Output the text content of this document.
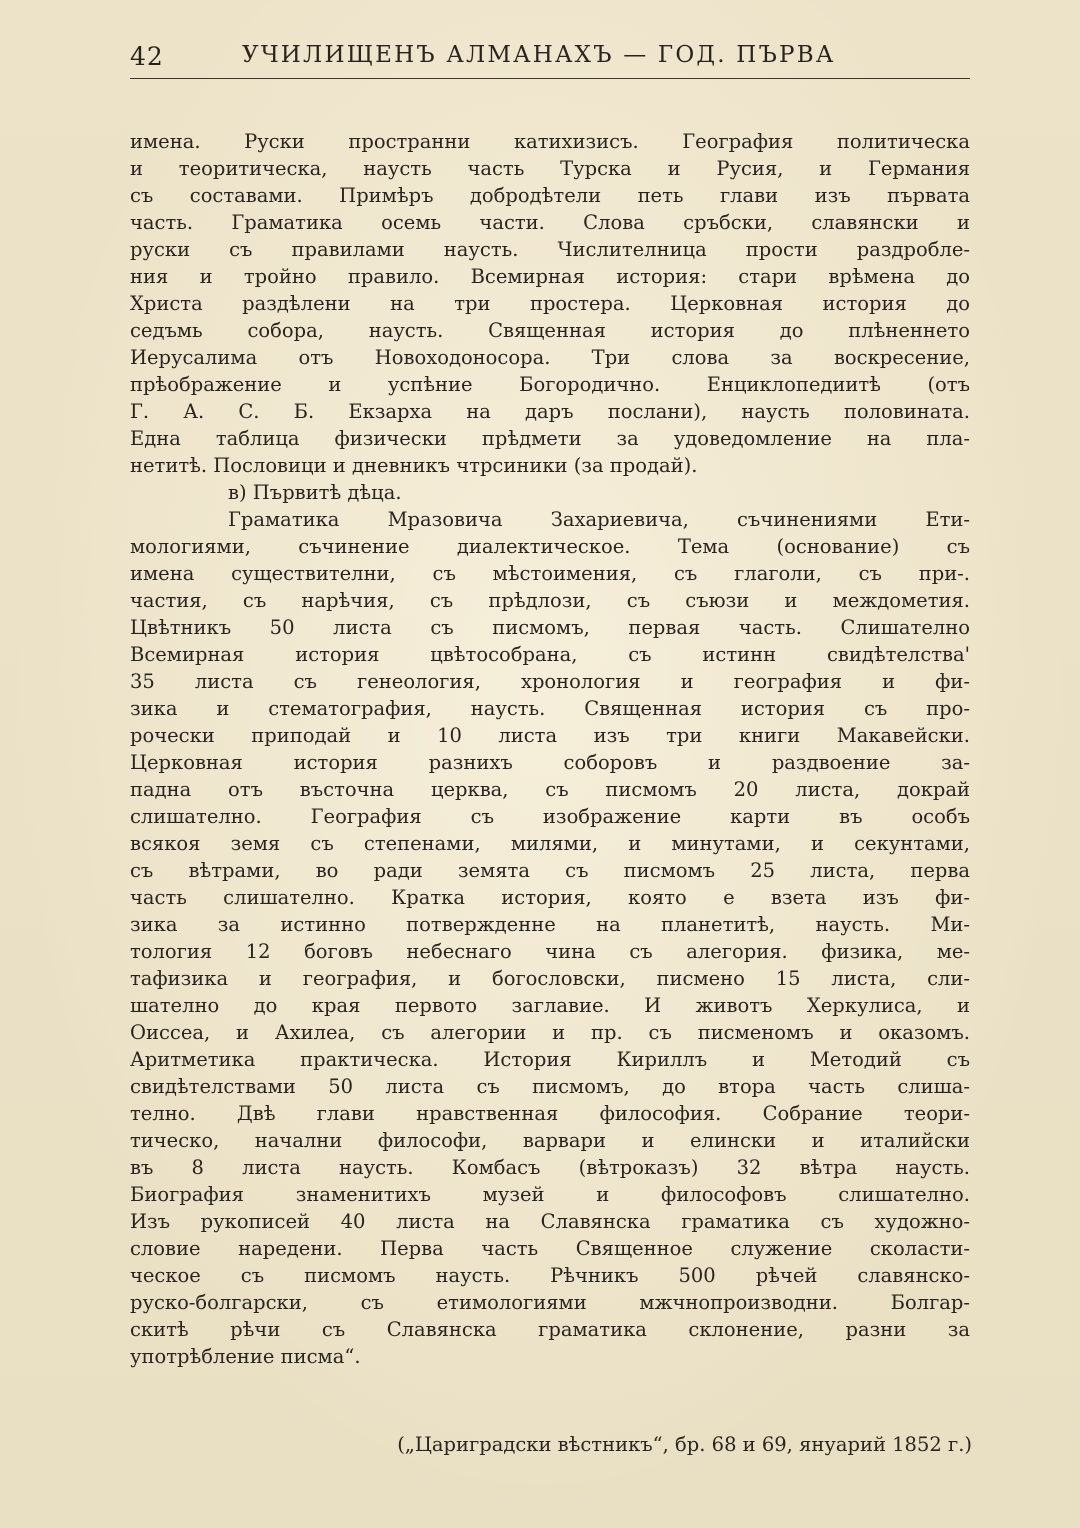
42	УЧИЛИЩЕНЪ АЛМАНАХЪ — ГОД. ПЪРВА
имена. Руски пространни катихизисъ. География политическа
и теоритическа, наусть часть Турска и Русия, и Германия
съ составами. Примѣръ добродѣтели петь глави изъ първата
часть. Граматика осемь части. Слова сръбски, славянски и
руски съ правилами наусть. Числителница прости раздробле-
ния и тройно правило. Всемирная история: стари врѣмена до
Христа раздѣлени на три простера. Церковная история до
седъмь собора, наусть. Священная история до плѣненнето
Иерусалима отъ Новоходоносора. Три слова за воскресение,
прѣображение и успѣние Богородично. Енциклопедиитѣ (отъ
Г. А. С. Б. Екзарха на даръ послани), наусть половината.
Една таблица физически прѣдмети за удоведомление на пла-
нетитѣ. Пословици и дневникъ чтрсиники (за продай).
в) Първитѣ дѣца.
Граматика Мразовича Захариевича, съчинениями Ети-
мологиями, съчинение диалектическое. Тема (основание) съ
имена существителни, съ мѣстоимения, съ глаголи, съ при-.
частия, съ нарѣчия, съ прѣдлози, съ съюзи и междометия.
Цвѣтникъ 50 листа съ писмомъ, первая часть. Слишателно
Всемирная история цвѣтособрана, съ истинн свидѣтелства'
35 листа съ генеология, хронология и география и фи-
зика и стематография, наусть. Священная история съ про-
рочески приподай и 10 листа изъ три книги Макавейски.
Церковная история разнихъ соборовъ и раздвоение за-
падна отъ въсточна церква, съ писмомъ 20 листа, докрай
слишателно. География съ изображение карти въ особъ
всякоя земя съ степенами, милями, и минутами, и секунтами,
съ вѣтрами, во ради земята съ писмомъ 25 листа, перва
часть слишателно. Кратка история, която е взета изъ фи-
зика за истинно потвержденне на планетитѣ, наусть. Ми-
тология 12 боговъ небеснаго чина съ алегория. физика, ме-
тафизика и география, и богословски, писмено 15 листа, сли-
шателно до края первото заглавие. И животъ Херкулиса, и
Оиссеа, и Ахилеа, съ алегории и пр. съ писменомъ и оказомъ.
Аритметика практическа. История Кириллъ и Методий съ
свидѣтелствами 50 листа съ писмомъ, до втора часть слиша-
телно. Двѣ глави нравственная философия. Собрание теори-
тическо, начални философи, варвари и елински и италийски
въ 8 листа наусть. Комбасъ (вѣтроказъ) 32 вѣтра наусть.
Биография знаменитихъ музей и философовъ слишателно.
Изъ рукописей 40 листа на Славянска граматика съ художно-
словие наредени. Перва часть Священное служение сколасти-
ческое съ писмомъ наусть. Рѣчникъ 500 рѣчей славянско-
руско-болгарски, съ етимологиями мжчнопроизводни. Болгар-
скитѣ рѣчи съ Славянска граматика склонение, разни за
употрѣбление писма“.
(„Цариградски вѣстникъ“, бр. 68 и 69, януарий 1852 г.)
